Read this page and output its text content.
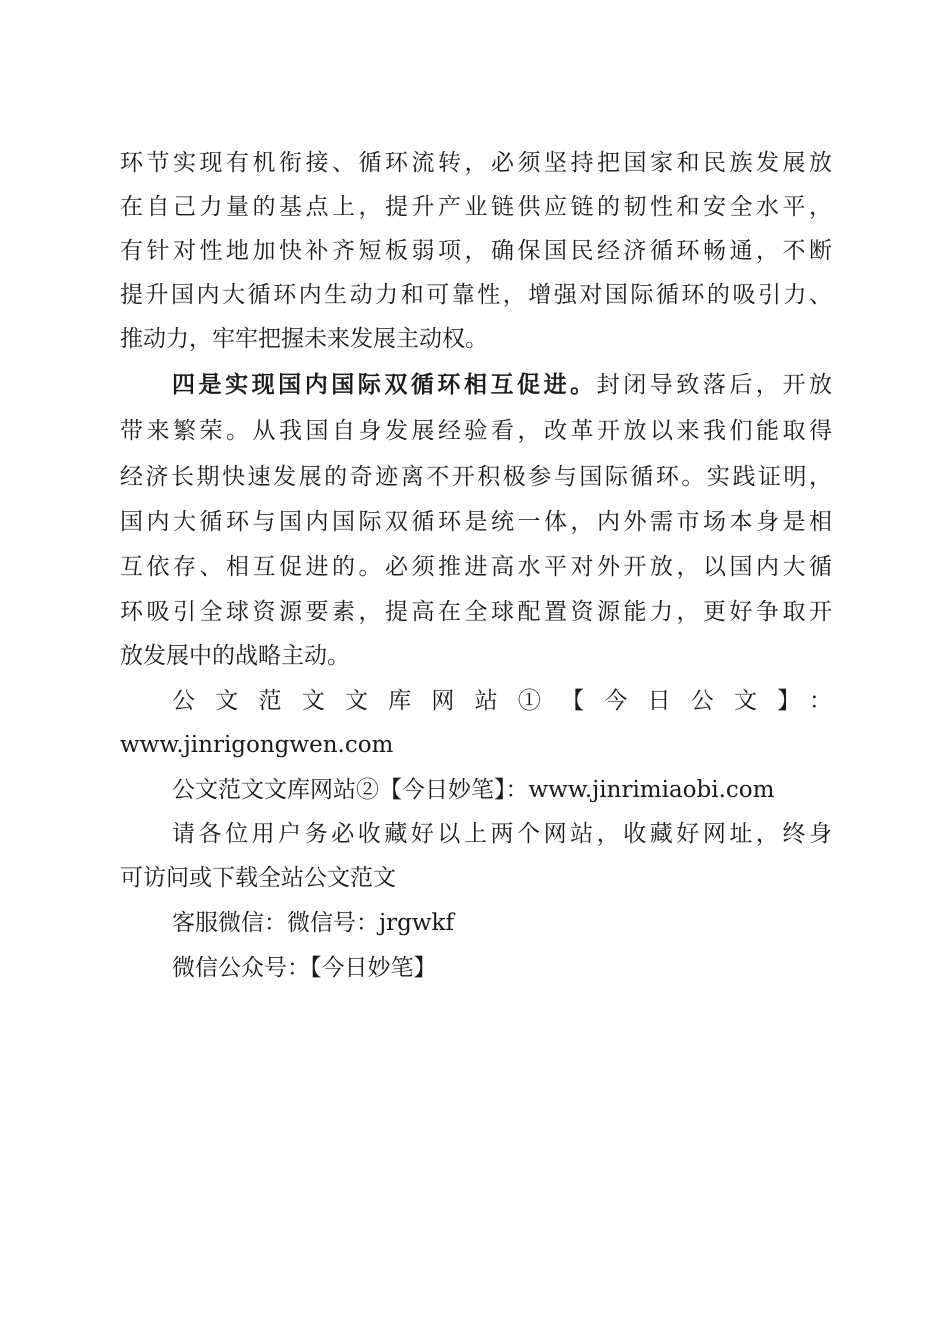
环节实现有机衔接、循环流转，必须坚持把国家和民族发展放
在自己力量的基点上，提升产业链供应链的韧性和安全水平，
有针对性地加快补齐短板弱项，确保国民经济循环畅通，不断
提升国内大循环内生动力和可靠性，增强对国际循环的吸引力、
推动力，牢牢把握未来发展主动权。
四是实现国内国际双循环相互促进。封闭导致落后，开放
带来繁荣。从我国自身发展经验看，改革开放以来我们能取得
经济长期快速发展的奇迹离不开积极参与国际循环。实践证明，
国内大循环与国内国际双循环是统一体，内外需市场本身是相
互依存、相互促进的。必须推进高水平对外开放，以国内大循
环吸引全球资源要素，提高在全球配置资源能力，更好争取开
放发展中的战略主动。
公文范文文库网站①【今日公文】：
www.jinrigongwen.com
公文范文文库网站②【今日妙笔】：www.jinrimiaobi.com
请各位用户务必收藏好以上两个网站，收藏好网址，终身
可访问或下载全站公文范文
客服微信：微信号：jrgwkf
微信公众号：【今日妙笔】
